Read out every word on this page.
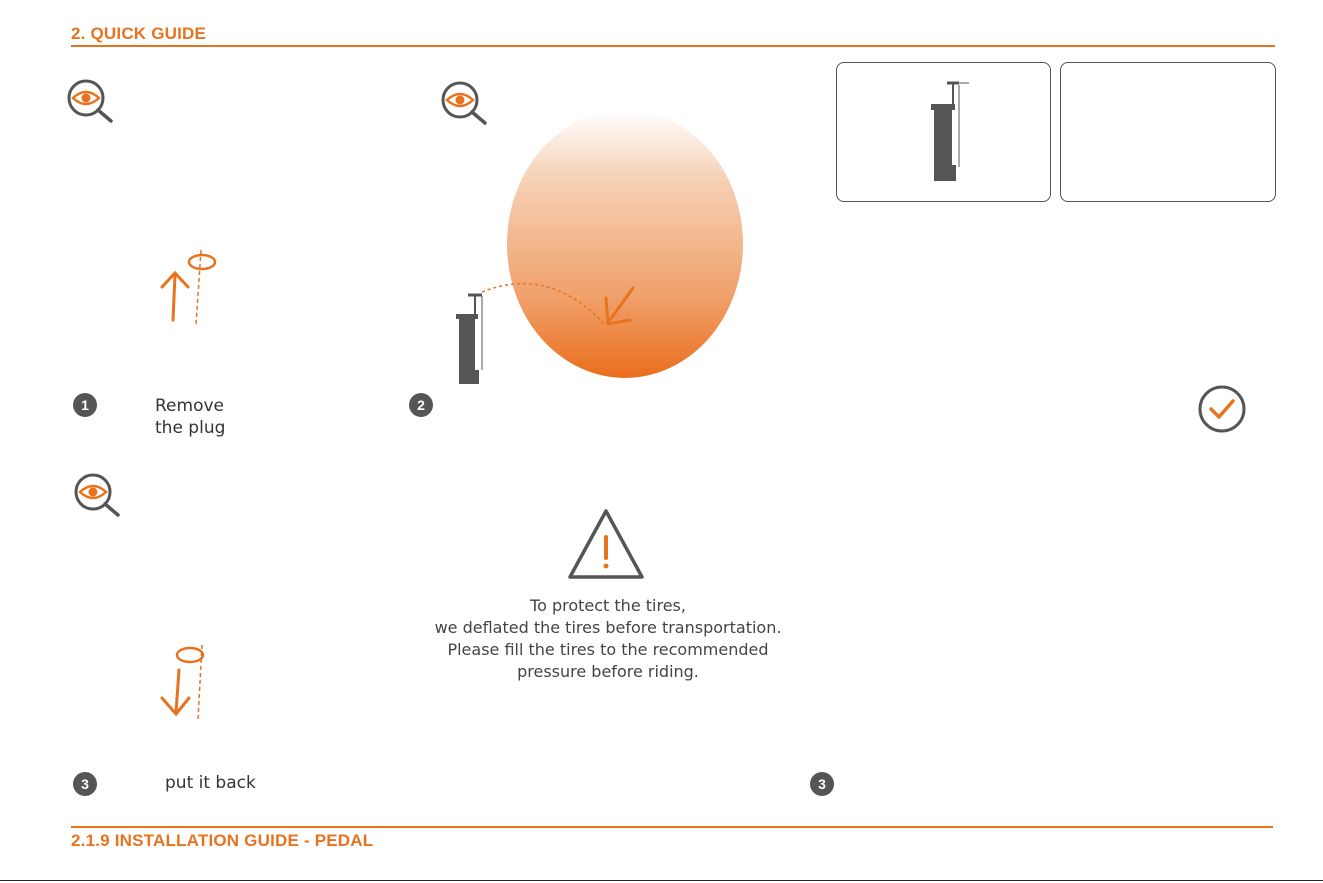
2. QUICK GUIDE
1	Remove
the plug
2
To protect the tires,
we deflated the tires before transportation.
Please fill the tires to the recommended
pressure before riding.
3	put it back	3
2.1.9 INSTALLATION GUIDE - PEDAL
